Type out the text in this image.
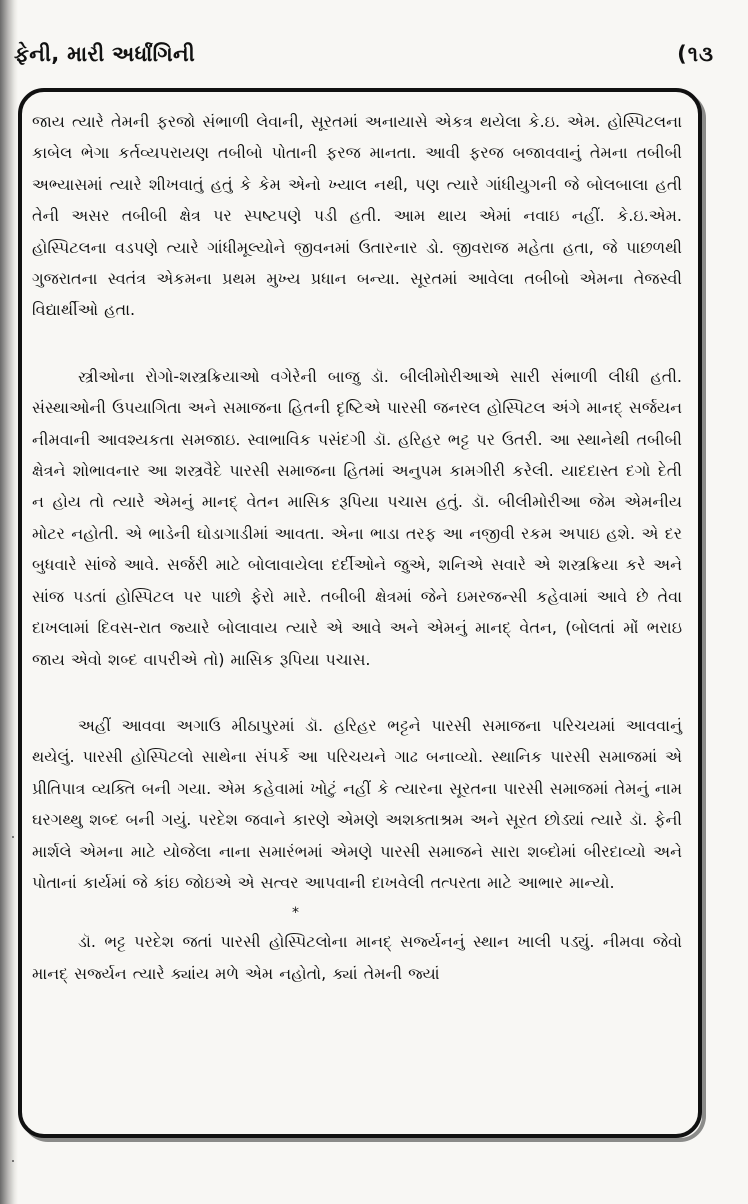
ફેની, મારી અર્ધાંગિની	(૧૩

જાય ત્યારે તેમની ફરજો સંભાળી લેવાની, સૂરતમાં અનાયાસે એકત્ર થયેલા કે.ઇ. એમ. હોસ્પિટલના કાબેલ ભેગા કર્તવ્યપરાયણ તબીબો પોતાની ફરજ માનતા. આવી ફરજ બજાવવાનું તેમના તબીબી અભ્યાસમાં ત્યારે શીખવાતું હતું કે કેમ એનો ખ્યાલ નથી, પણ ત્યારે ગાંધીયુગની જે બોલબાલા હતી તેની અસર તબીબી ક્ષેત્ર પર સ્પષ્ટપણે પડી હતી. આમ થાય એમાં નવાઇ નહીં. કે.ઇ.એમ. હોસ્પિટલના વડપણે ત્યારે ગાંધીમૂલ્યોને જીવનમાં ઉતારનાર ડો. જીવરાજ મહેતા હતા, જે પાછળથી ગુજરાતના સ્વતંત્ર એકમના પ્રથમ મુખ્ય પ્રધાન બન્યા. સૂરતમાં આવેલા તબીબો એમના તેજસ્વી વિદ્યાર્થીઓ હતા.

સ્ત્રીઓના રોગો-શસ્ત્રક્રિયાઓ વગેરેની બાજુ ડૉ. બીલીમોરીઆએ સારી સંભાળી લીધી હતી. સંસ્થાઓની ઉપયાગિતા અને સમાજના હિતની દૃષ્ટિએ પારસી જનરલ હોસ્પિટલ અંગે માનદ્ સર્જયન નીમવાની આવશ્યકતા સમજાઇ. સ્વાભાવિક પસંદગી ડૉ. હરિહર ભટ્ટ પર ઉતરી. આ સ્થાનેથી તબીબી ક્ષેત્રને શોભાવનાર આ શસ્ત્રવૈદે પારસી સમાજના હિતમાં અનુપમ કામગીરી કરેલી. યાદદાસ્ત દગો દેતી ન હોય તો ત્યારે એમનું માનદ્ વેતન માસિક રૂપિયા પચાસ હતું. ડૉ. બીલીમોરીઆ જેમ એમનીય મોટર નહોતી. એ ભાડેની ઘોડાગાડીમાં આવતા. એના ભાડા તરફ આ નજીવી રકમ અપાઇ હશે. એ દર બુધવારે સાંજે આવે. સર્જરી માટે બોલાવાયેલા દર્દીઓને જુએ, શનિએ સવારે એ શસ્ત્રક્રિયા કરે અને સાંજ પડતાં હોસ્પિટલ પર પાછો ફેરો મારે. તબીબી ક્ષેત્રમાં જેને ઇમરજન્સી કહેવામાં આવે છે તેવા દાખલામાં દિવસ-રાત જ્યારે બોલાવાય ત્યારે એ આવે અને એમનું માનદ્ વેતન, (બોલતાં મોં ભરાઇ જાય એવો શબ્દ વાપરીએ તો) માસિક રૂપિયા પચાસ.

અહીં આવવા અગાઉ મીઠાપુરમાં ડૉ. હરિહર ભટ્ટને પારસી સમાજના પરિચયમાં આવવાનું થયેલું. પારસી હોસ્પિટલો સાથેના સંપર્કે આ પરિચયને ગાઢ બનાવ્યો. સ્થાનિક પારસી સમાજમાં એ પ્રીતિપાત્ર વ્યક્તિ બની ગયા. એમ કહેવામાં ખોટું નહીં કે ત્યારના સૂરતના પારસી સમાજમાં તેમનું નામ ઘરગથ્થુ શબ્દ બની ગયું. પરદેશ જવાને કારણે એમણે અશક્તાશ્રમ અને સૂરત છોડ્યાં ત્યારે ડૉ. ફેની માર્શલે એમના માટે યોજેલા નાના સમારંભમાં એમણે પારસી સમાજને સારા શબ્દોમાં બીરદાવ્યો અને પોતાનાં કાર્યમાં જે કાંઇ જોઇએ એ સત્વર આપવાની દાખવેલી તત્પરતા માટે આભાર માન્યો.

*

ડૉ. ભટ્ટ પરદેશ જતાં પારસી હોસ્પિટલોના માનદ્ સર્જ્યનનું સ્થાન ખાલી પડ્યું. નીમવા જેવો માનદ્ સર્જ્યન ત્યારે ક્યાંય મળે એમ નહોતો, ક્યાં તેમની જ્યાં
